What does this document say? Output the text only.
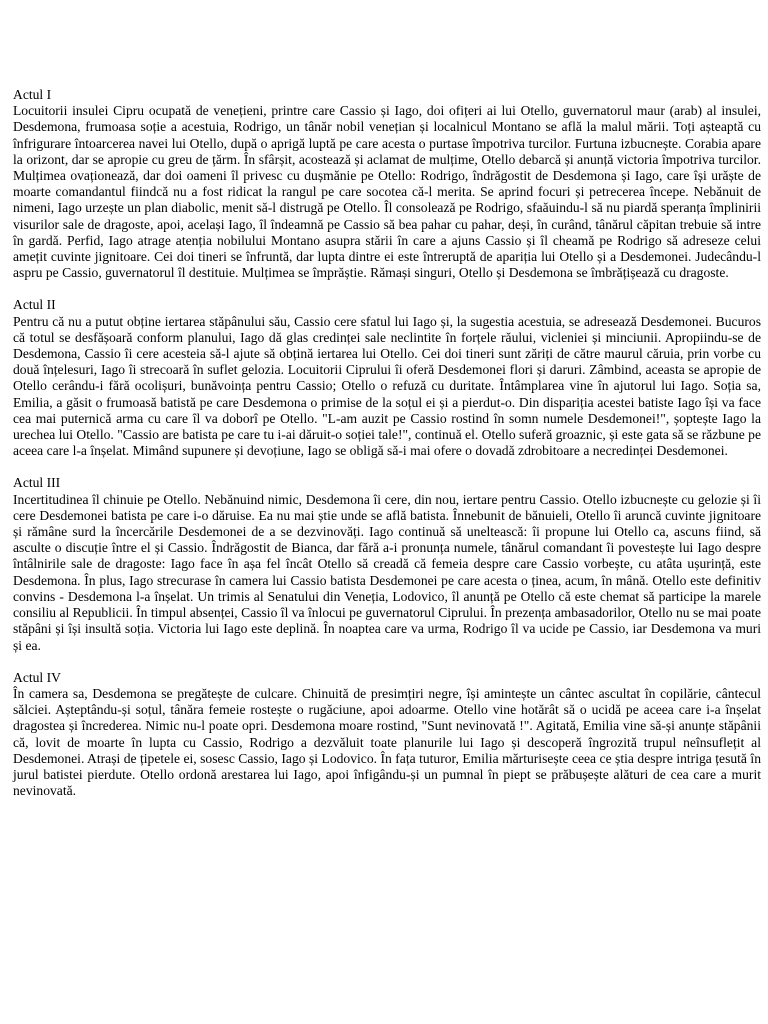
Actul I
Locuitorii insulei Cipru ocupată de venețieni, printre care Cassio și Iago, doi ofițeri ai lui Otello, guvernatorul maur (arab) al insulei, Desdemona, frumoasa soție a acestuia, Rodrigo, un tânăr nobil venețian și localnicul Montano se află la malul mării. Toți așteaptă cu înfrigurare întoarcerea navei lui Otello, după o aprigă luptă pe care acesta o purtase împotriva turcilor. Furtuna izbucnește. Corabia apare la orizont, dar se apropie cu greu de țărm. În sfârșit, acostează și aclamat de mulțime, Otello debarcă și anunță victoria împotriva turcilor. Mulțimea ovaționează, dar doi oameni îl privesc cu dușmănie pe Otello: Rodrigo, îndrăgostit de Desdemona și Iago, care își urăște de moarte comandantul fiindcă nu a fost ridicat la rangul pe care socotea că-l merita. Se aprind focuri și petrecerea începe. Nebănuit de nimeni, Iago urzește un plan diabolic, menit să-l distrugă pe Otello. Îl consolează pe Rodrigo, sfaăuindu-l să nu piardă speranța împlinirii visurilor sale de dragoste, apoi, același Iago, îl îndeamnă pe Cassio să bea pahar cu pahar, deși, în curând, tânărul căpitan trebuie să intre în gardă. Perfid, Iago atrage atenția nobilului Montano asupra stării în care a ajuns Cassio și îl cheamă pe Rodrigo să adreseze celui amețit cuvinte jignitoare. Cei doi tineri se înfruntă, dar lupta dintre ei este întreruptă de apariția lui Otello și a Desdemonei. Judecându-l aspru pe Cassio, guvernatorul îl destituie. Mulțimea se împrăștie. Rămași singuri, Otello și Desdemona se îmbrățișează cu dragoste.
Actul II
Pentru că nu a putut obține iertarea stăpânului său, Cassio cere sfatul lui Iago și, la sugestia acestuia, se adresează Desdemonei. Bucuros că totul se desfășoară conform planului, Iago dă glas credinței sale neclintite în forțele răului, vicleniei și minciunii. Apropiindu-se de Desdemona, Cassio îi cere acesteia să-l ajute să obțină iertarea lui Otello. Cei doi tineri sunt zăriți de către maurul căruia, prin vorbe cu două înțelesuri, Iago îi strecoară în suflet gelozia. Locuitorii Ciprului îi oferă Desdemonei flori și daruri. Zâmbind, aceasta se apropie de Otello cerându-i fără ocolișuri, bunăvoința pentru Cassio; Otello o refuză cu duritate. Întâmplarea vine în ajutorul lui Iago. Soția sa, Emilia, a găsit o frumoasă batistă pe care Desdemona o primise de la soțul ei și a pierdut-o. Din dispariția acestei batiste Iago își va face cea mai puternică arma cu care îl va doborî pe Otello. "L-am auzit pe Cassio rostind în somn numele Desdemonei!", șoptește Iago la urechea lui Otello. "Cassio are batista pe care tu i-ai dăruit-o soției tale!", continuă el. Otello suferă groaznic, și este gata să se răzbune pe aceea care l-a înșelat. Mimând supunere și devoțiune, Iago se obligă să-i mai ofere o dovadă zdrobitoare a necredinței Desdemonei.
Actul III
Incertitudinea îl chinuie pe Otello. Nebănuind nimic, Desdemona îi cere, din nou, iertare pentru Cassio. Otello izbucnește cu gelozie și îi cere Desdemonei batista pe care i-o dăruise. Ea nu mai știe unde se află batista. Înnebunit de bănuieli, Otello îi aruncă cuvinte jignitoare și rămâne surd la încercările Desdemonei de a se dezvinovăți. Iago continuă să uneltească: îi propune lui Otello ca, ascuns fiind, să asculte o discuție între el și Cassio. Îndrăgostit de Bianca, dar fără a-i pronunța numele, tânărul comandant îi povestește lui Iago despre întâlnirile sale de dragoste: Iago face în așa fel încât Otello să creadă că femeia despre care Cassio vorbește, cu atâta ușurință, este Desdemona. În plus, Iago strecurase în camera lui Cassio batista Desdemonei pe care acesta o ținea, acum, în mână. Otello este definitiv convins - Desdemona l-a înșelat. Un trimis al Senatului din Veneția, Lodovico, îl anunță pe Otello că este chemat să participe la marele consiliu al Republicii. În timpul absenței, Cassio îl va înlocui pe guvernatorul Ciprului. În prezența ambasadorilor, Otello nu se mai poate stăpâni și își insultă soția. Victoria lui Iago este deplină. În noaptea care va urma, Rodrigo îl va ucide pe Cassio, iar Desdemona va muri și ea.
Actul IV
În camera sa, Desdemona se pregătește de culcare. Chinuită de presimțiri negre, își amintește un cântec ascultat în copilărie, cântecul sălciei. Așteptându-și soțul, tânăra femeie rostește o rugăciune, apoi adoarme. Otello vine hotărât să o ucidă pe aceea care i-a înșelat dragostea și încrederea. Nimic nu-l poate opri. Desdemona moare rostind, "Sunt nevinovată !". Agitată, Emilia vine să-și anunțe stăpânii că, lovit de moarte în lupta cu Cassio, Rodrigo a dezvăluit toate planurile lui Iago și descoperă îngrozită trupul neînsuflețit al Desdemonei. Atrași de țipetele ei, sosesc Cassio, Iago și Lodovico. În fața tuturor, Emilia mărturisește ceea ce știa despre intriga țesută în jurul batistei pierdute. Otello ordonă arestarea lui Iago, apoi înfigându-și un pumnal în piept se prăbușește alături de cea care a murit nevinovată.
